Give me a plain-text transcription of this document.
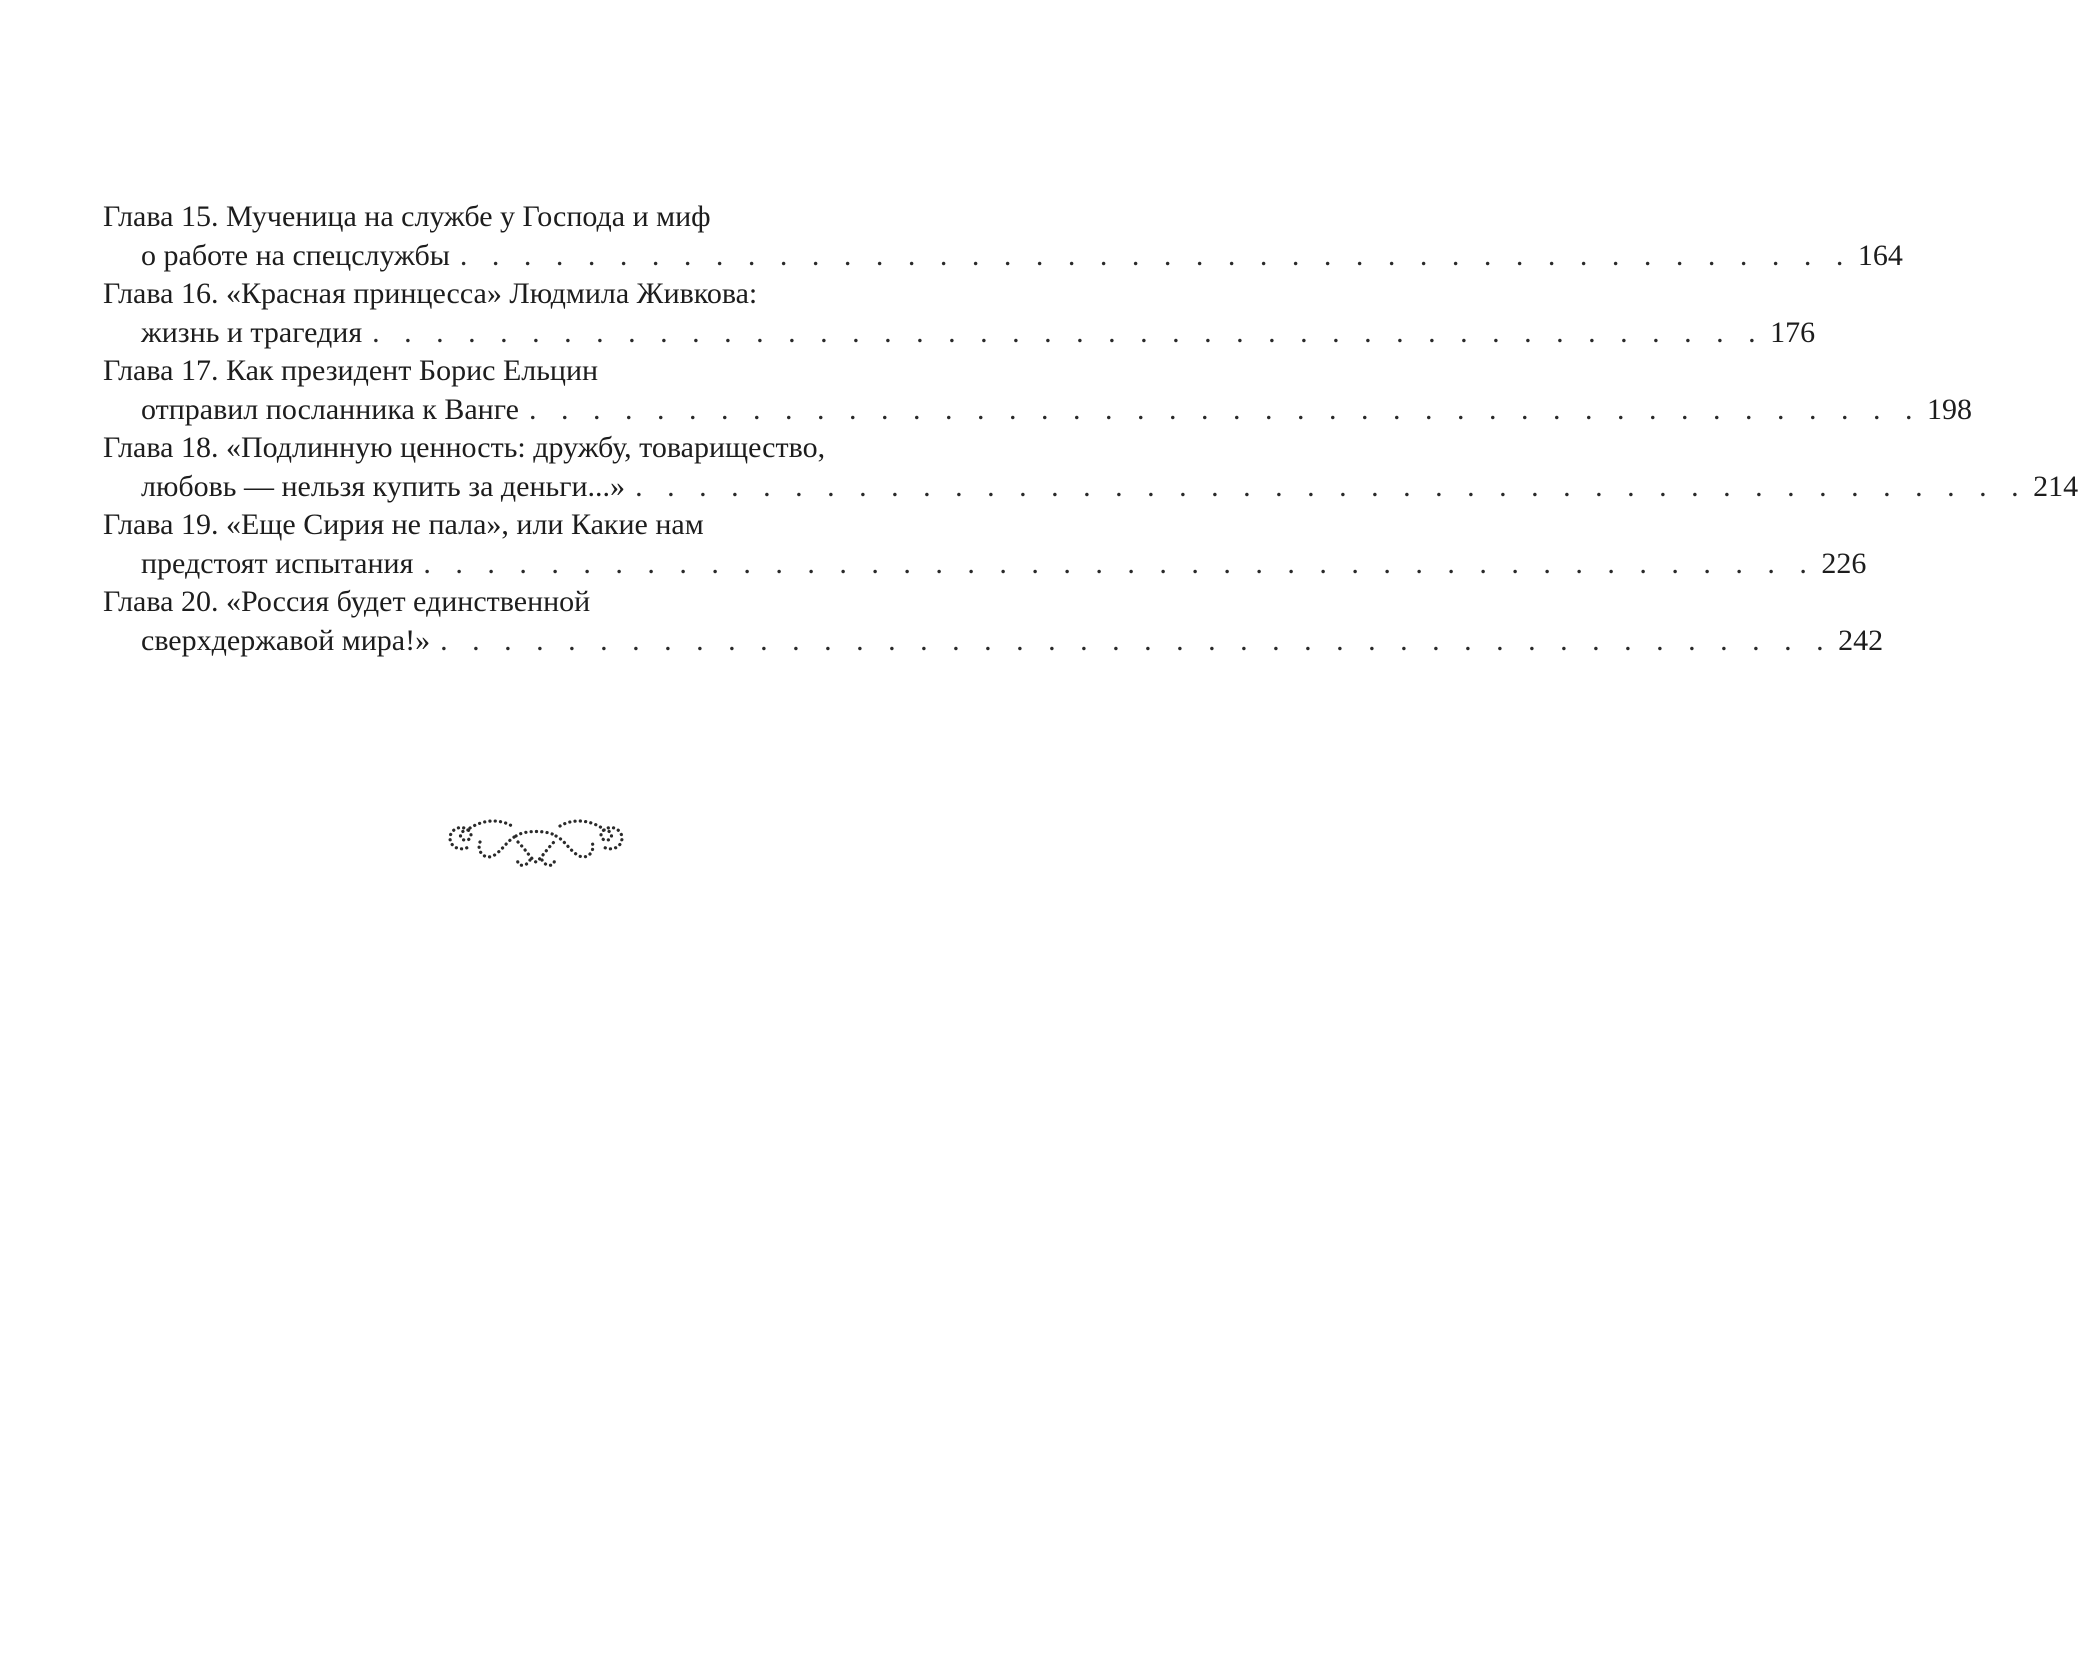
Глава 15. Мученица на службе у Господа и миф
о работе на спецслужбы . . . . . . . . . . . . . . . . . . . . . . . . . . . . . . . . . . . . . . . . . . . . 164
Глава 16. «Красная принцесса» Людмила Живкова:
жизнь и трагедия . . . . . . . . . . . . . . . . . . . . . . . . . . . . . . . . . . . . . . . . . . . . 176
Глава 17. Как президент Борис Ельцин
отправил посланника к Ванге . . . . . . . . . . . . . . . . . . . . . . . . . . . . . . . . . . . . . . . . . . . . 198
Глава 18. «Подлинную ценность: дружбу, товарищество,
любовь — нельзя купить за деньги...» . . . . . . . . . . . . . . . . . . . . . . . . . . . . . . . . . . . . . . . . . . . . 214
Глава 19. «Еще Сирия не пала», или Какие нам
предстоят испытания . . . . . . . . . . . . . . . . . . . . . . . . . . . . . . . . . . . . . . . . . . . . 226
Глава 20. «Россия будет единственной
сверхдержавой мира!» . . . . . . . . . . . . . . . . . . . . . . . . . . . . . . . . . . . . . . . . . . . . 242
